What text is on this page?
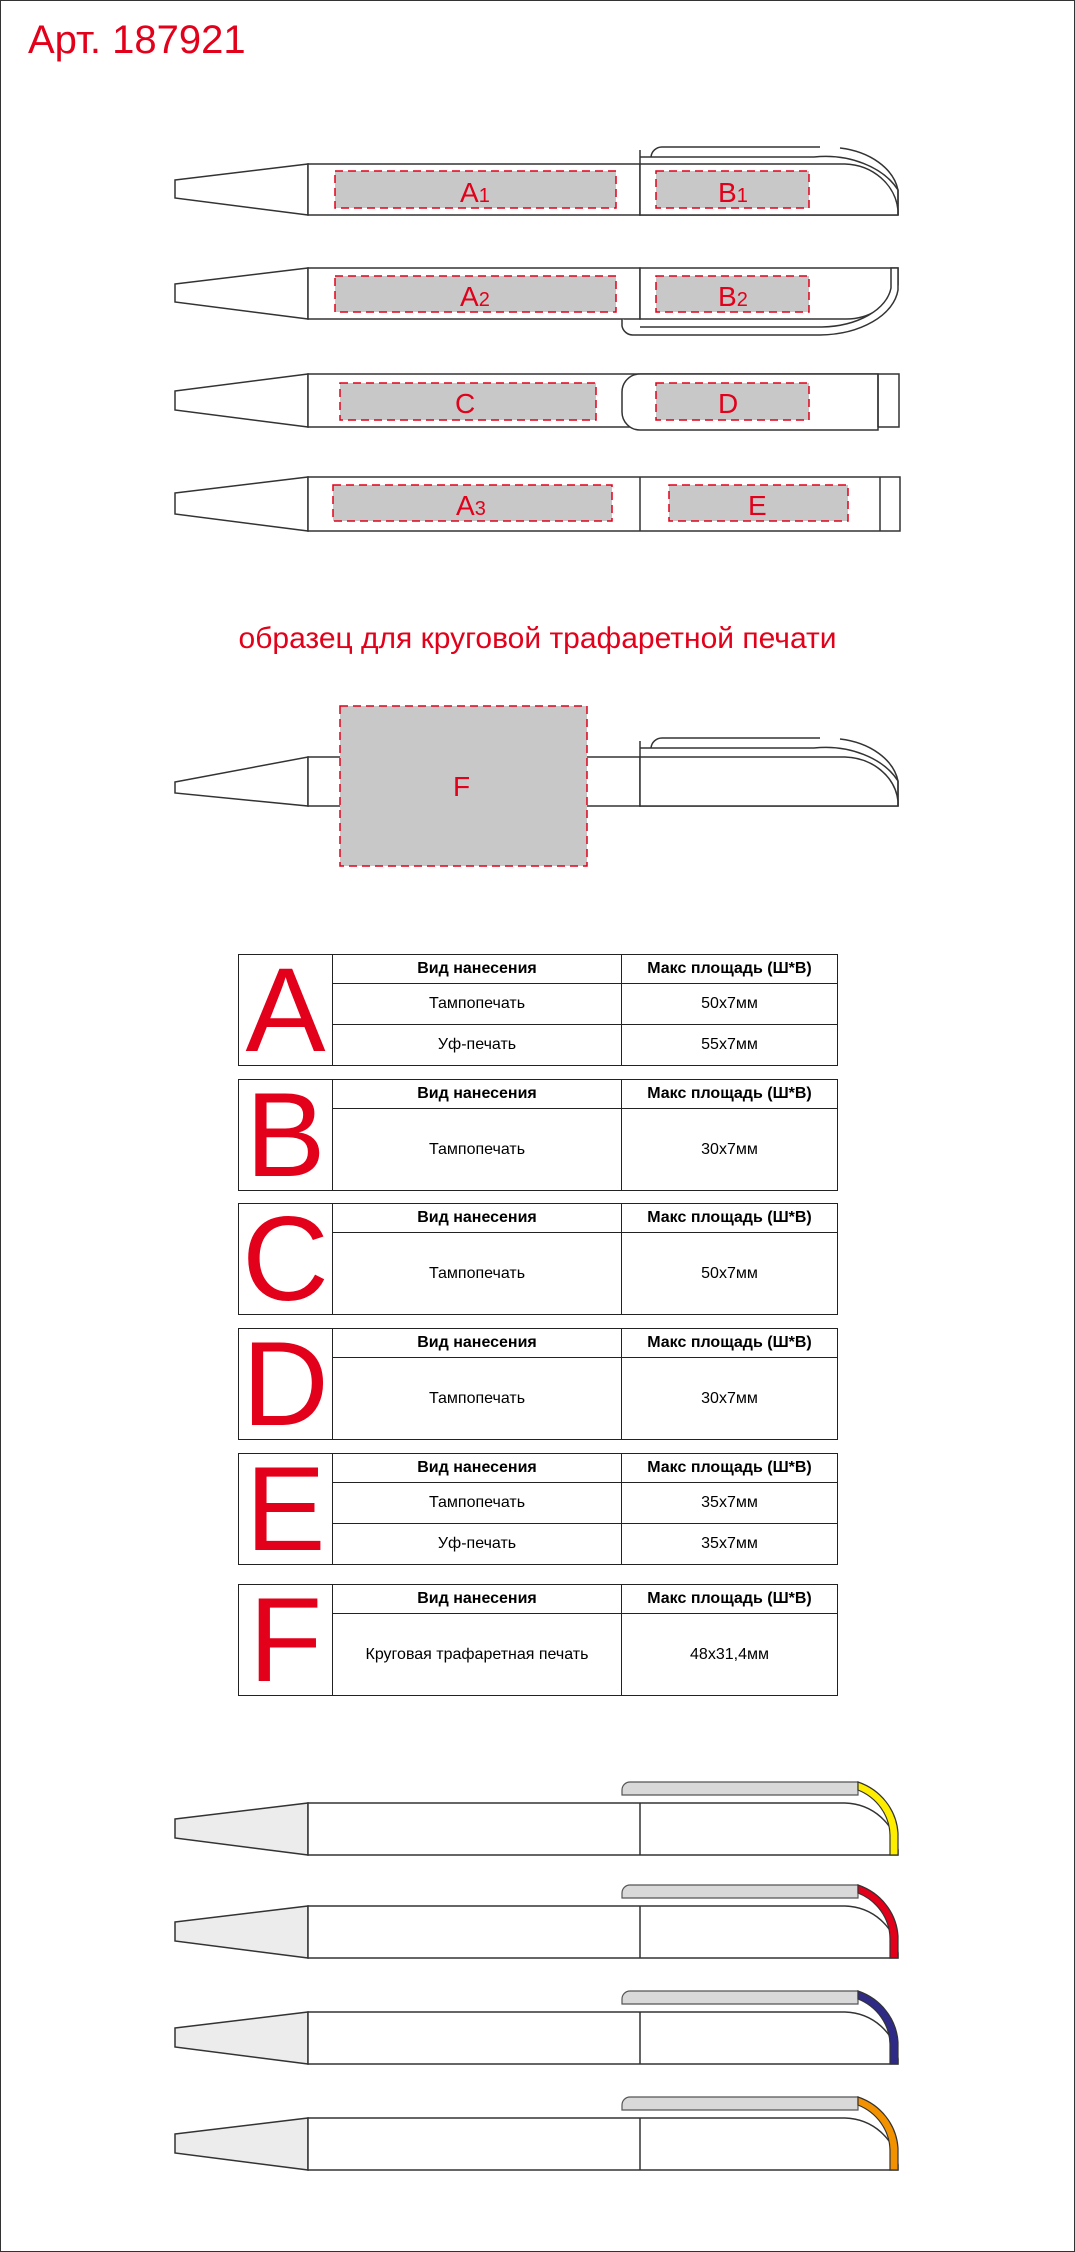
Арт. 187921
A1	B1
A2	B2
C	D
A3	E
F
образец для круговой трафаретной печати
A	Вид нанесения	Макс площадь (Ш*В)
Тампопечать	50x7мм
Уф-печать	55x7мм
B	Вид нанесения	Макс площадь (Ш*В)
Тампопечать	30x7мм
C	Вид нанесения	Макс площадь (Ш*В)
Тампопечать	50x7мм
D	Вид нанесения	Макс площадь (Ш*В)
Тампопечать	30x7мм
E	Вид нанесения	Макс площадь (Ш*В)
Тампопечать	35x7мм
Уф-печать	35x7мм
F	Вид нанесения	Макс площадь (Ш*В)
Круговая трафаретная печать	48x31,4мм
